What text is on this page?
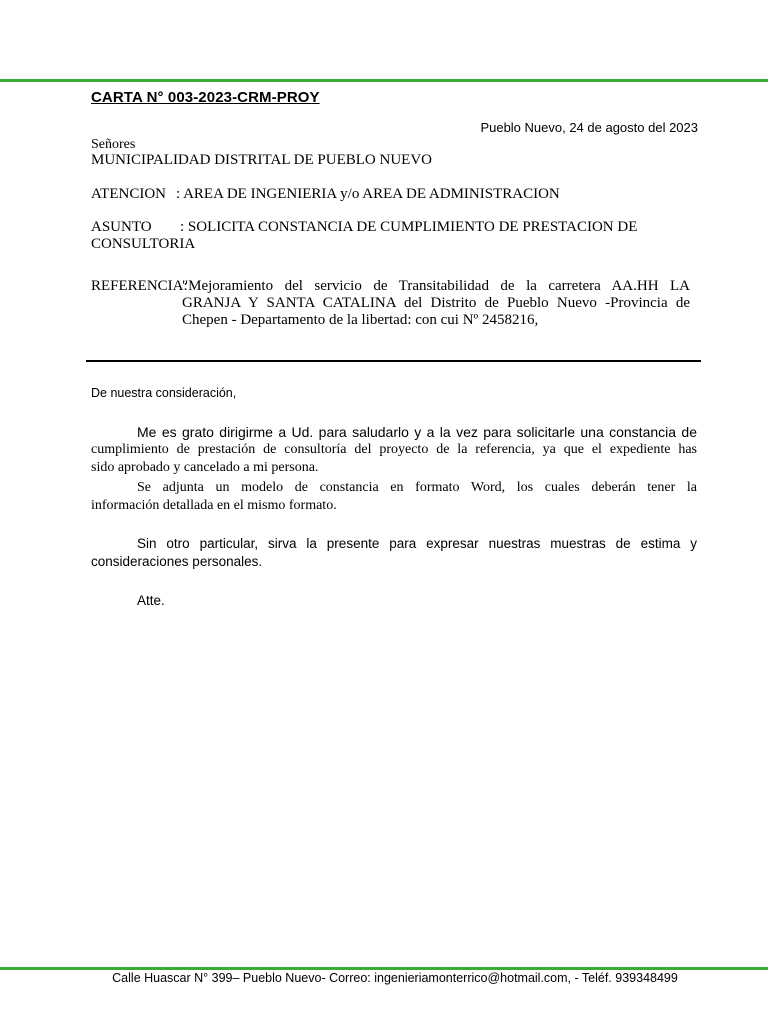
CARTA N° 003-2023-CRM-PROY
Pueblo Nuevo, 24 de agosto del 2023
Señores
MUNICIPALIDAD DISTRITAL DE PUEBLO NUEVO
ATENCION : AREA DE INGENIERIA y/o AREA DE ADMINISTRACION
ASUNTO : SOLICITA CONSTANCIA DE CUMPLIMIENTO DE PRESTACION DE
CONSULTORIA
REFERENCIA:
"Mejoramiento del servicio de Transitabilidad de la carretera AA.HH LA
GRANJA Y SANTA CATALINA del Distrito de Pueblo Nuevo -Provincia de
Chepen - Departamento de la libertad: con cui Nº 2458216,
De nuestra consideración,
Me es grato dirigirme a Ud. para saludarlo y a la vez para solicitarle una constancia de
cumplimiento de prestación de consultoría del proyecto de la referencia, ya que el expediente has
sido aprobado y cancelado a mi persona.
Se adjunta un modelo de constancia en formato Word, los cuales deberán tener la
información detallada en el mismo formato.
Sin otro particular, sirva la presente para expresar nuestras muestras de estima y
consideraciones personales.
Atte.
Calle Huascar N° 399– Pueblo Nuevo- Correo: ingenieriamonterrico@hotmail.com, - Teléf. 939348499
